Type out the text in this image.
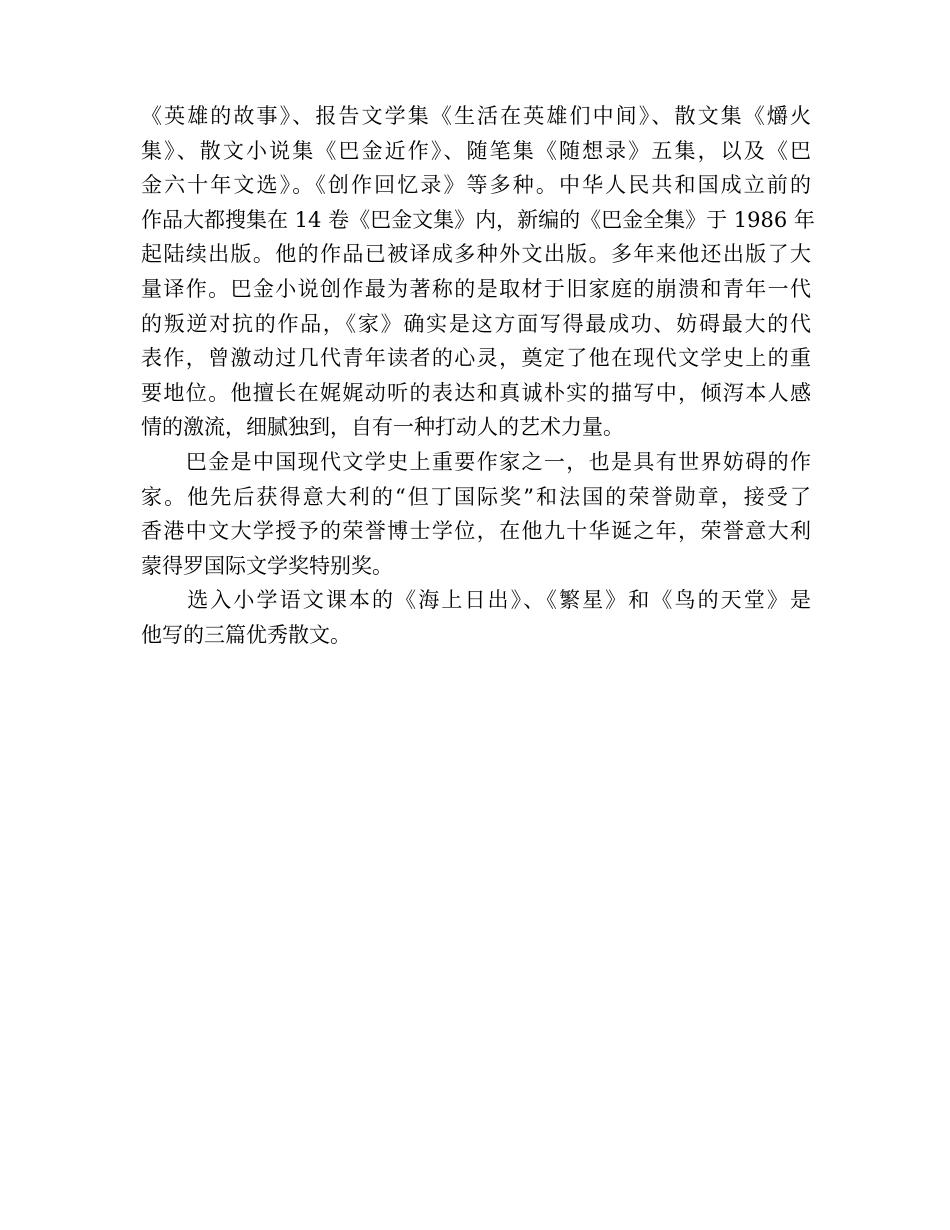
《英雄的故事》、报告文学集《生活在英雄们中间》、散文集《爝火
集》、散文小说集《巴金近作》、随笔集《随想录》五集，以及《巴
金六十年文选》。《创作回忆录》等多种。中华人民共和国成立前的
作品大都搜集在 14 卷《巴金文集》内，新编的《巴金全集》于 1986 年
起陆续出版。他的作品已被译成多种外文出版。多年来他还出版了大
量译作。巴金小说创作最为著称的是取材于旧家庭的崩溃和青年一代
的叛逆对抗的作品，《家》确实是这方面写得最成功、妨碍最大的代
表作，曾激动过几代青年读者的心灵，奠定了他在现代文学史上的重
要地位。他擅长在娓娓动听的表达和真诚朴实的描写中，倾泻本人感
情的激流，细腻独到，自有一种打动人的艺术力量。
　　巴金是中国现代文学史上重要作家之一，也是具有世界妨碍的作
家。他先后获得意大利的“但丁国际奖”和法国的荣誉勋章，接受了
香港中文大学授予的荣誉博士学位，在他九十华诞之年，荣誉意大利
蒙得罗国际文学奖特别奖。
　　选入小学语文课本的《海上日出》、《繁星》和《鸟的天堂》是
他写的三篇优秀散文。
